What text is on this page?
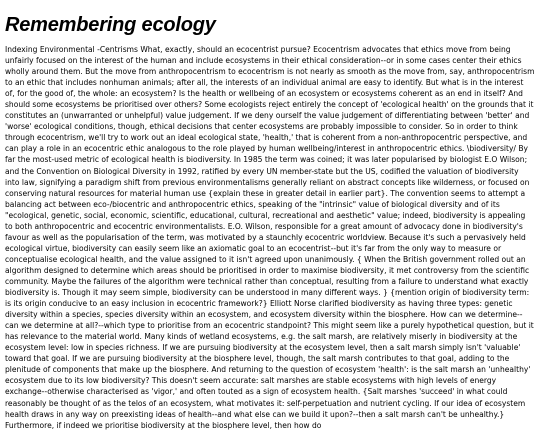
Remembering ecology

Indexing Environmental -Centrisms What, exactly, should an ecocentrist pursue? Ecocentrism advocates that ethics move from being unfairly focused on the interest of the human and include ecosystems in their ethical consideration--or in some cases center their ethics wholly around them. But the move from anthropocentrism to ecocentrism is not nearly as smooth as the move from, say, anthropocentrism to an ethic that includes nonhuman animals; after all, the interests of an individual animal are easy to identify. But what is in the interest of, for the good of, the whole: an ecosystem? Is the health or wellbeing of an ecosystem or ecosystems coherent as an end in itself? And should some ecosystems be prioritised over others? Some ecologists reject entirely the concept of 'ecological health' on the grounds that it constitutes an (unwarranted or unhelpful) value judgement. If we deny ourself the value judgement of differentiating between 'better' and 'worse' ecological conditions, though, ethical decisions that center ecosystems are probably impossible to consider. So in order to think through ecocentrism, we'll try to work out an ideal ecological state, 'health,' that is coherent from a non-anthropocentric perspective, and can play a role in an ecocentric ethic analogous to the role played by human wellbeing/interest in anthropocentric ethics. \biodiversity/ By far the most-used metric of ecological health is biodiversity. In 1985 the term was coined; it was later popularised by biologist E.O Wilson; and the Convention on Biological Diversity in 1992, ratified by every UN member-state but the US, codified the valuation of biodiversity into law, signifying a paradigm shift from previous environmentalisms generally reliant on abstract concepts like wilderness, or focused on conserving natural resources for material human use {explain these in greater detail in earlier part}. The convention seems to attempt a balancing act between eco-/biocentric and anthropocentric ethics, speaking of the "intrinsic" value of biological diversity and of its "ecological, genetic, social, economic, scientific, educational, cultural, recreational and aesthetic" value; indeed, biodiversity is appealing to both anthropocentric and ecocentric environmentalists. E.O. Wilson, responsible for a great amount of advocacy done in biodiversity's favour as well as the popularisation of the term, was motivated by a staunchly ecocentric worldview. Because it's such a pervasively held ecological virtue, biodiversity can easily seem like an axiomatic goal to an ecocentrist--but it's far from the only way to measure or conceptualise ecological health, and the value assigned to it isn't agreed upon unanimously. { When the British government rolled out an algorithm designed to determine which areas should be prioritised in order to maximise biodiversity, it met controversy from the scientific community. Maybe the failures of the algorithm were technical rather than conceptual, resulting from a failure to understand what exactly biodiversity is. Though it may seem simple, biodiversity can be understood in many different ways. } {mention origin of biodiversity term: is its origin conducive to an easy inclusion in ecocentric framework?} Elliott Norse clarified biodiversity as having three types: genetic diversity within a species, species diversity within an ecosystem, and ecosystem diversity within the biosphere. How can we determine--can we determine at all?--which type to prioritise from an ecocentric standpoint? This might seem like a purely hypothetical question, but it has relevance to the material world. Many kinds of wetland ecosystems, e.g. the salt marsh, are relatively miserly in biodiversity at the ecosystem level: low in species richness. If we are pursuing biodiversity at the ecosystem level, then a salt marsh simply isn't 'valuable' toward that goal. If we are pursuing biodiversity at the biosphere level, though, the salt marsh contributes to that goal, adding to the plenitude of components that make up the biosphere. And returning to the question of ecosystem 'health': is the salt marsh an 'unhealthy' ecosystem due to its low biodiversity? This doesn't seem accurate: salt marshes are stable ecosystems with high levels of energy exchange--otherwise characterised as 'vigor,' and often touted as a sign of ecosystem health. {Salt marshes 'succeed' in what could reasonably be thought of as the telos of an ecosystem, what motivates it: self-perpetuation and nutrient cycling. If our idea of ecosystem health draws in any way on preexisting ideas of health--and what else can we build it upon?--then a salt marsh can't be unhealthy.} Furthermore, if indeed we prioritise biodiversity at the biosphere level, then how do
